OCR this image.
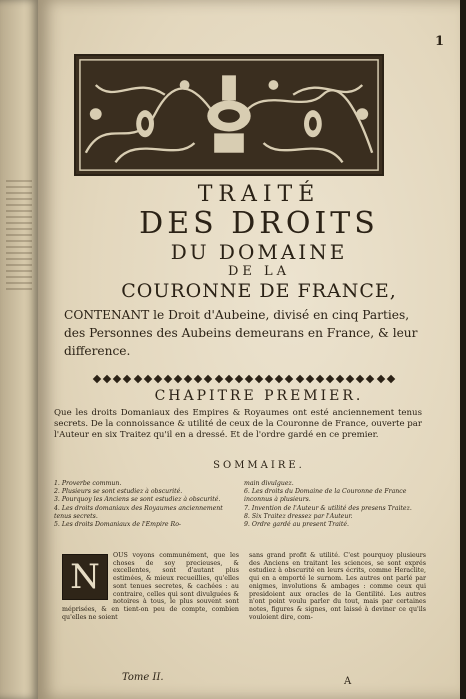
1
TRAITÉ
DES DROITS
DU DOMAINE
DE LA
COURONNE DE FRANCE,
CONTENANT le Droit d'Aubeine, divisé en cinq Parties, des Personnes des Aubeins demeurans en France, & leur difference.
CHAPITRE PREMIER.

Que les droits Domaniaux des Empires & Royaumes ont esté anciennement tenus secrets. De la connoissance & utilité de ceux de la Couronne de France, ouverte par l'Auteur en six Traitez qu'il en a dressé. Et de l'ordre gardé en ce premier.

SOMMAIRE.
1. Proverbe commun.
2. Plusieurs se sont estudiez à obscurité.
3. Pourquoy les Anciens se sont estudiez à obscurité.
4. Les droits domaniaux des Royaumes anciennement tenus secrets.
5. Les droits Domaniaux de l'Empire Ro-
main divulguez.
6. Les droits du Domaine de la Couronne de France inconnus à plusieurs.
7. Invention de l'Auteur & utilité des presens Traitez.
8. Six Traitez dressez par l'Auteur.
9. Ordre gardé au present Traité.
N
OUS voyons communément, que les choses de soy precieuses, & excellentes, sont d'autant plus estimées, & mieux recueillies, qu'elles sont tenues secretes, & cachées : au contraire, celles qui sont divulguées & notoires à tous, le plus souvent sont méprisées, & en tient-on peu de compte, combien qu'elles ne soient
sans grand profit & utilité. C'est pourquoy plusieurs des Anciens en traitant les sciences, se sont exprés estudiez à obscurité en leurs écrits, comme Heraclite, qui en a emporté le surnom. Les autres ont parlé par enigmes, involutions & ambages : comme ceux qui presidoient aux oracles de la Gentilité. Les autres n'ont point voulu parler du tout, mais par certaines notes, figures & signes, ont laissé à deviner ce qu'ils vouloient dire, com-
Tome II.	A
